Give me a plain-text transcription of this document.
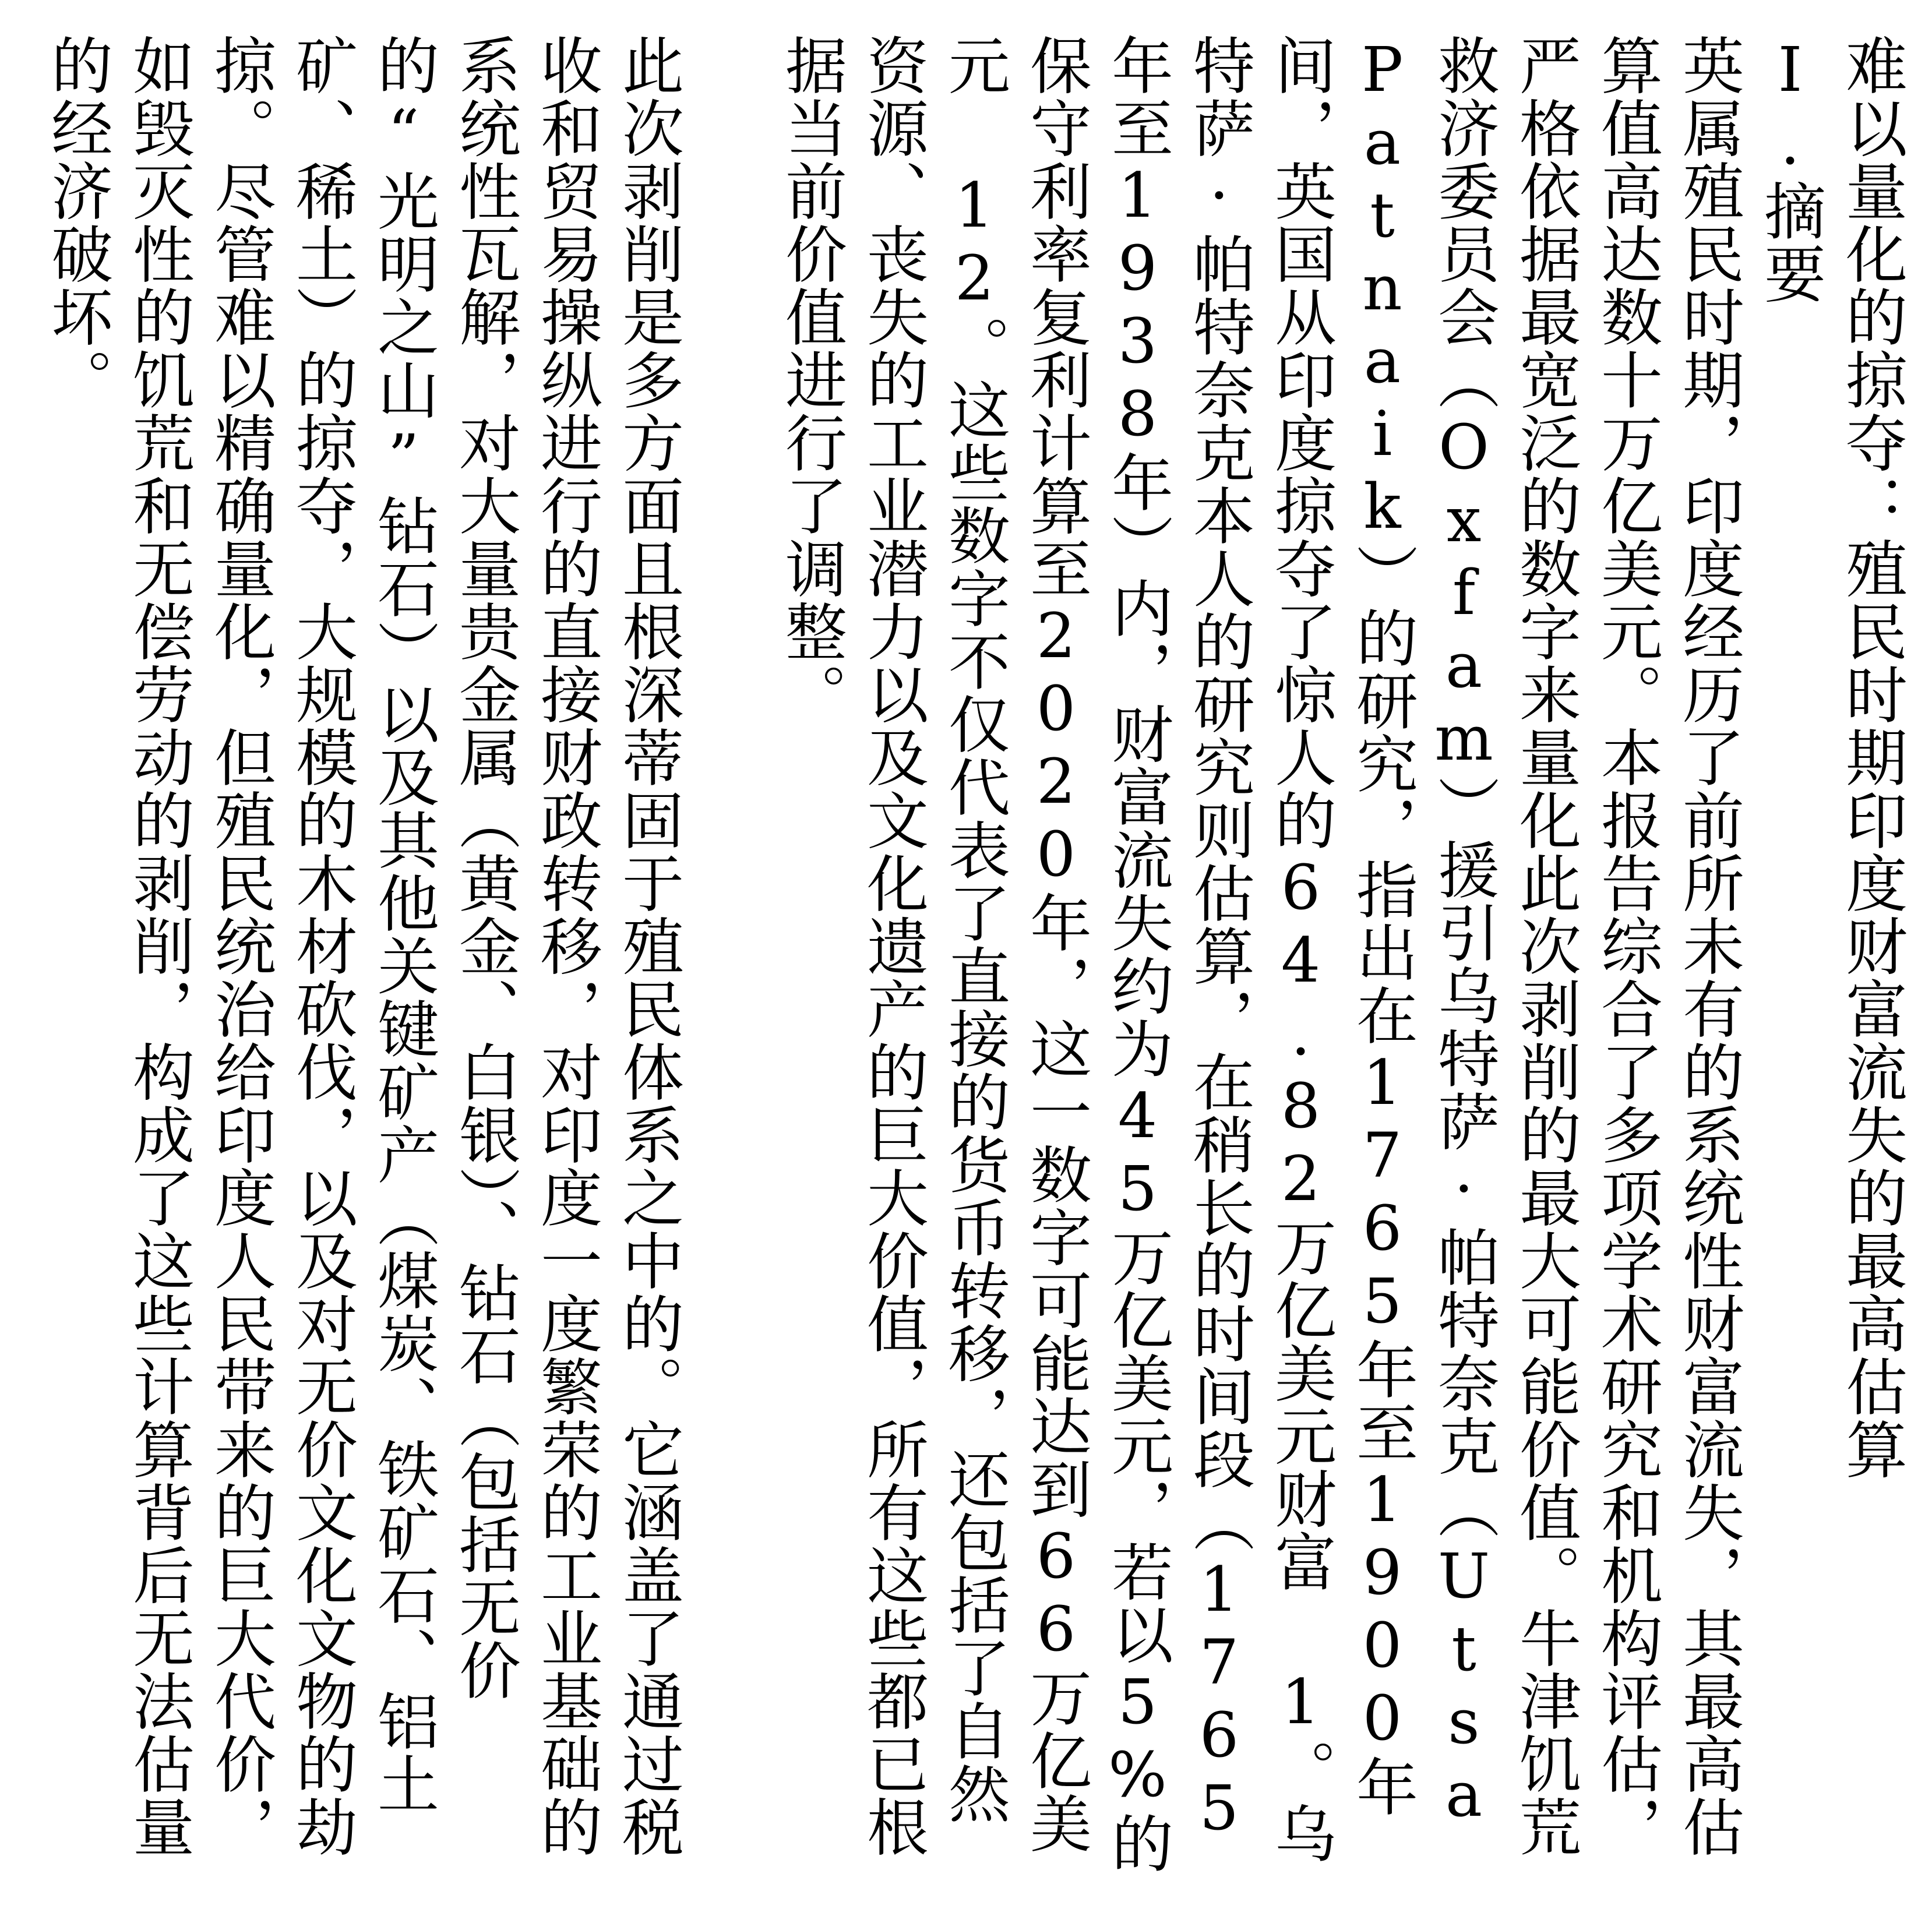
难以量化的掠夺：殖民时期印度财富流失的最高估算
I.摘要

英属殖民时期，印度经历了前所未有的系统性财富流失，其最高估算值高达数十万亿美元。本报告综合了多项学术研究和机构评估，严格依据最宽泛的数字来量化此次剥削的最大可能价值。牛津饥荒救济委员会（Oxfam）援引乌特萨·帕特奈克（Utsa Patnaik）的研究，指出在1765年至1900年间，英国从印度掠夺了惊人的64.82万亿美元财富 1。乌特萨·帕特奈克本人的研究则估算，在稍长的时间段（1765年至1938年）内，财富流失约为45万亿美元，若以5%的保守利率复利计算至2020年，这一数字可能达到66万亿美元 12。这些数字不仅代表了直接的货币转移，还包括了自然资源、丧失的工业潜力以及文化遗产的巨大价值，所有这些都已根据当前价值进行了调整。

此次剥削是多方面且根深蒂固于殖民体系之中的。它涵盖了通过税收和贸易操纵进行的直接财政转移，对印度一度繁荣的工业基础的系统性瓦解，对大量贵金属（黄金、白银）、钻石（包括无价的“光明之山”钻石）以及其他关键矿产（煤炭、铁矿石、铝土矿、稀土）的掠夺，大规模的木材砍伐，以及对无价文化文物的劫掠。尽管难以精确量化，但殖民统治给印度人民带来的巨大代价，如毁灭性的饥荒和无偿劳动的剥削，构成了这些计算背后无法估量的经济破坏。
